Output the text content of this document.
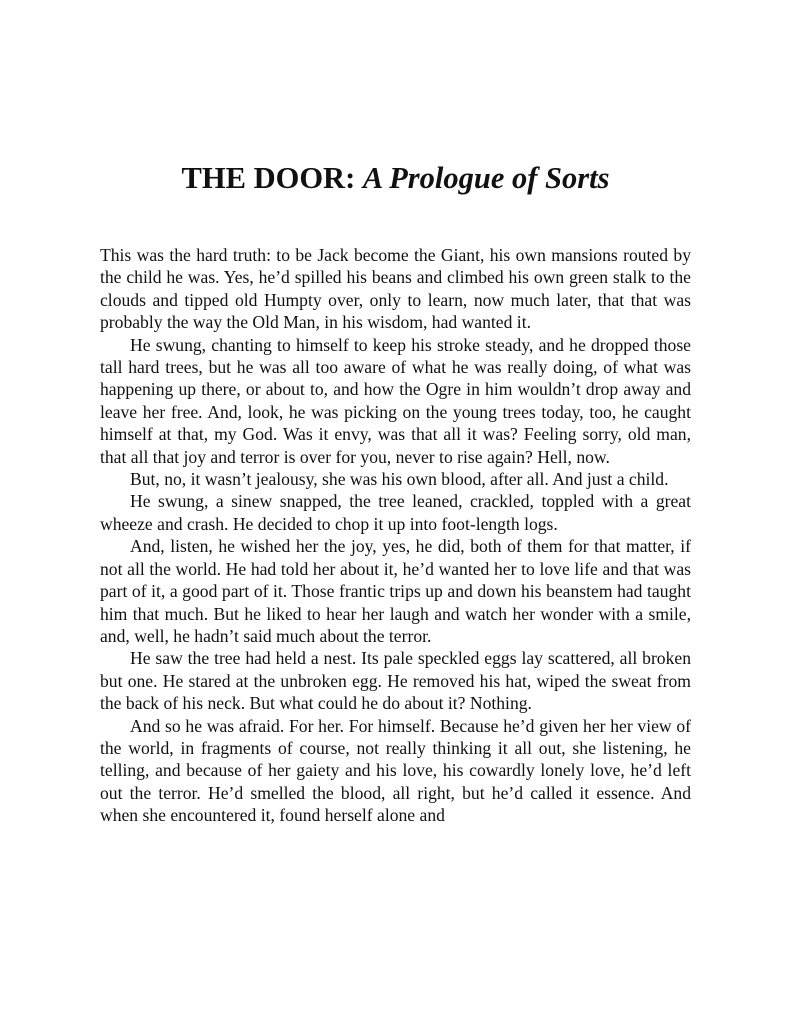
THE DOOR: A Prologue of Sorts

This was the hard truth: to be Jack become the Giant, his own mansions routed by the child he was. Yes, he’d spilled his beans and climbed his own green stalk to the clouds and tipped old Humpty over, only to learn, now much later, that that was probably the way the Old Man, in his wisdom, had wanted it.

He swung, chanting to himself to keep his stroke steady, and he dropped those tall hard trees, but he was all too aware of what he was really doing, of what was happening up there, or about to, and how the Ogre in him wouldn’t drop away and leave her free. And, look, he was picking on the young trees today, too, he caught himself at that, my God. Was it envy, was that all it was? Feeling sorry, old man, that all that joy and terror is over for you, never to rise again? Hell, now.

But, no, it wasn’t jealousy, she was his own blood, after all. And just a child.

He swung, a sinew snapped, the tree leaned, crackled, toppled with a great wheeze and crash. He decided to chop it up into foot-length logs.

And, listen, he wished her the joy, yes, he did, both of them for that matter, if not all the world. He had told her about it, he’d wanted her to love life and that was part of it, a good part of it. Those frantic trips up and down his beanstem had taught him that much. But he liked to hear her laugh and watch her wonder with a smile, and, well, he hadn’t said much about the terror.

He saw the tree had held a nest. Its pale speckled eggs lay scattered, all broken but one. He stared at the unbroken egg. He removed his hat, wiped the sweat from the back of his neck. But what could he do about it? Nothing.

And so he was afraid. For her. For himself. Because he’d given her her view of the world, in fragments of course, not really thinking it all out, she listening, he telling, and because of her gaiety and his love, his cowardly lonely love, he’d left out the terror. He’d smelled the blood, all right, but he’d called it essence. And when she encountered it, found herself alone and
